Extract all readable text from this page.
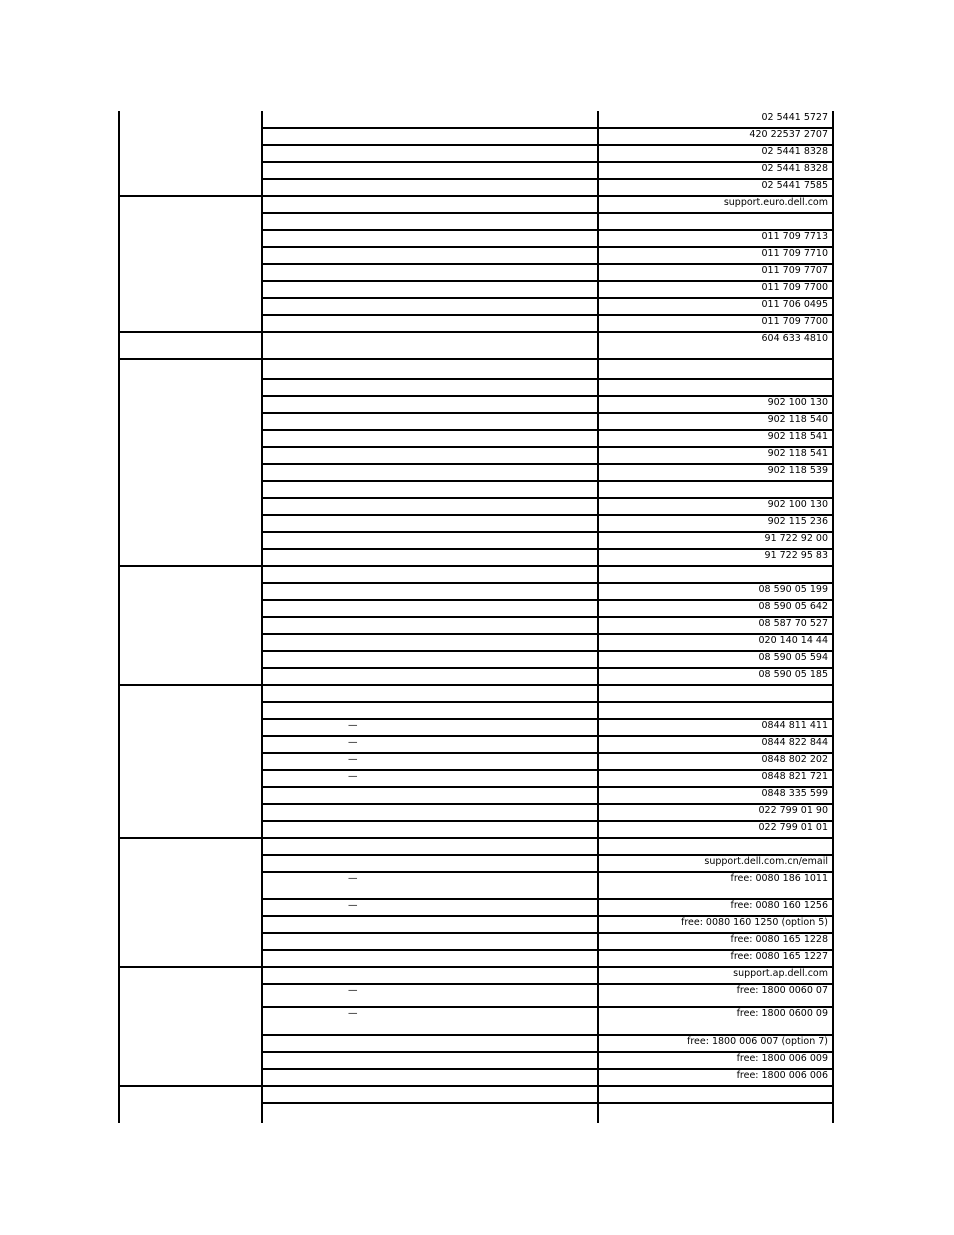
02 5441 5727
420 22537 2707
02 5441 8328
02 5441 8328
02 5441 7585
support.euro.dell.com
011 709 7713
011 709 7710
011 709 7707
011 709 7700
011 706 0495
011 709 7700
604 633 4810
902 100 130
902 118 540
902 118 541
902 118 541
902 118 539
902 100 130
902 115 236
91 722 92 00
91 722 95 83
08 590 05 199
08 590 05 642
08 587 70 527
020 140 14 44
08 590 05 594
08 590 05 185
0844 811 411
—
0844 822 844
—
0848 802 202
—
0848 821 721
—
0848 335 599
022 799 01 90
022 799 01 01
support.dell.com.cn/email
free: 0080 186 1011
—
free: 0080 160 1256
—
free: 0080 160 1250 (option 5)
free: 0080 165 1228
free: 0080 165 1227
support.ap.dell.com
free: 1800 0060 07
—
free: 1800 0600 09
—
free: 1800 006 007 (option 7)
free: 1800 006 009
free: 1800 006 006
